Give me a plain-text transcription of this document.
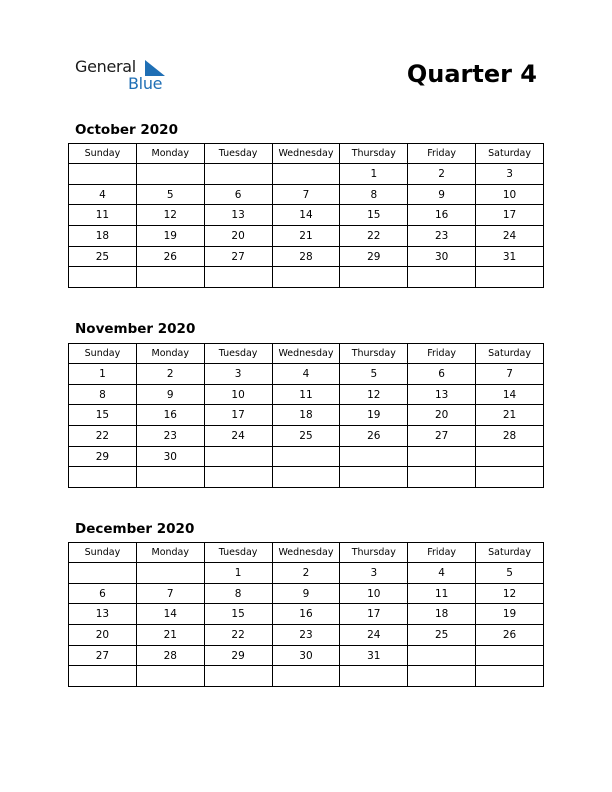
General
Blue	Quarter 4
October 2020
Sunday	Monday	Tuesday	Wednesday	Thursday	Friday	Saturday
				1	2	3
4	5	6	7	8	9	10
11	12	13	14	15	16	17
18	19	20	21	22	23	24
25	26	27	28	29	30	31

November 2020
Sunday	Monday	Tuesday	Wednesday	Thursday	Friday	Saturday
1	2	3	4	5	6	7
8	9	10	11	12	13	14
15	16	17	18	19	20	21
22	23	24	25	26	27	28
29	30					

December 2020
Sunday	Monday	Tuesday	Wednesday	Thursday	Friday	Saturday
		1	2	3	4	5
6	7	8	9	10	11	12
13	14	15	16	17	18	19
20	21	22	23	24	25	26
27	28	29	30	31		
